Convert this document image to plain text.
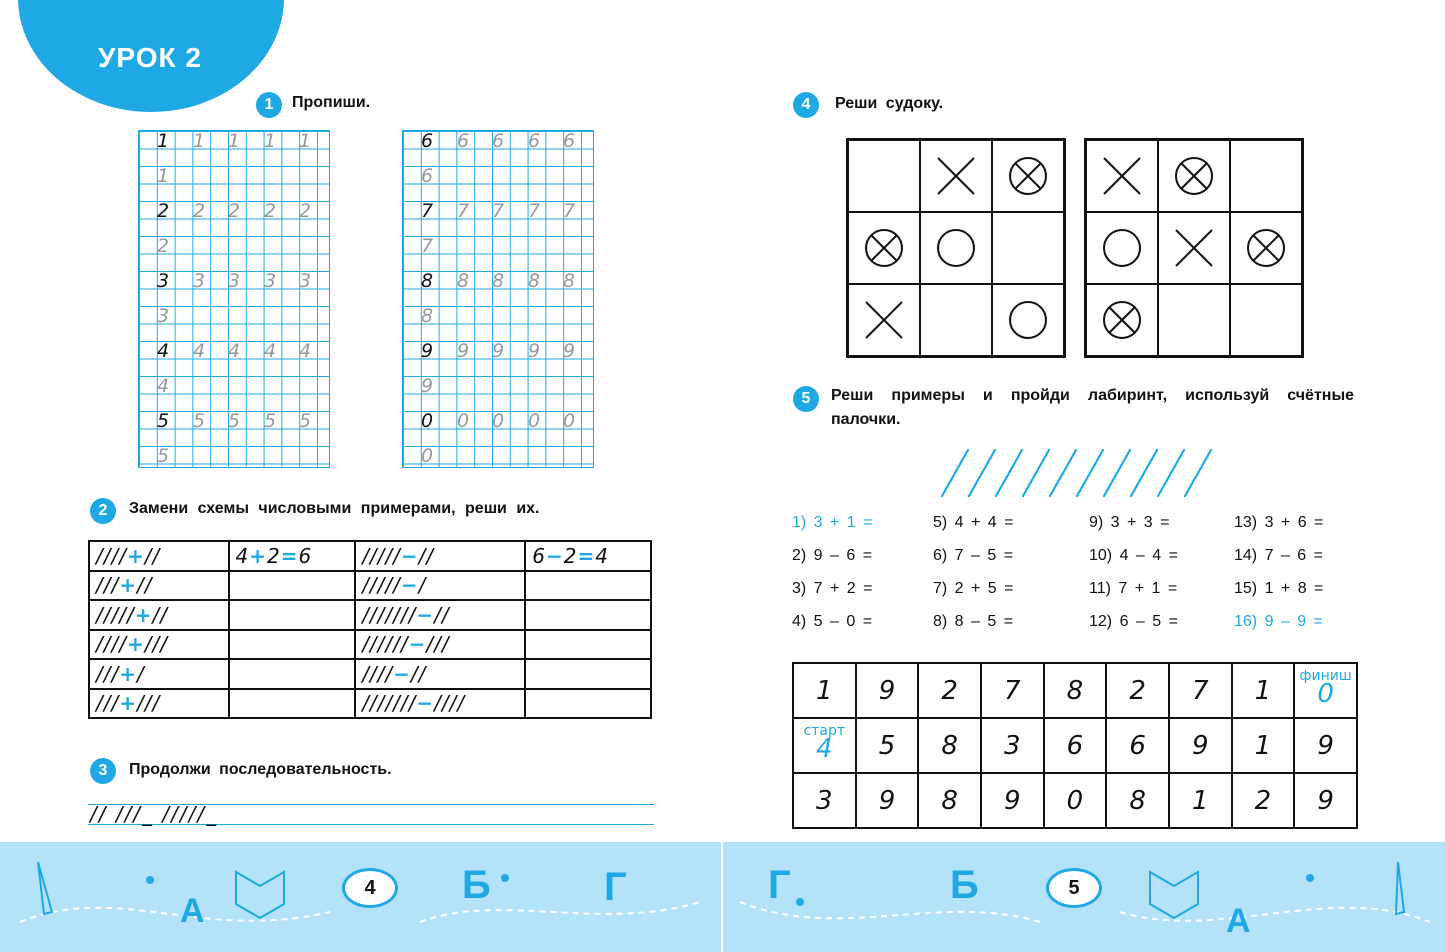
УРОК 2
1	Пропиши.
1 1 1 1 1
1
2 2 2 2 2
2
3 3 3 3 3
3
4 4 4 4 4
4
5 5 5 5 5
5
6 6 6 6 6
6
7 7 7 7 7
7
8 8 8 8 8
8
9 9 9 9 9
9
0 0 0 0 0
0
2	Замени схемы числовыми примерами, реши их.
////+//	4+2=6	/////−//	6−2=4
///+//		/////−/	
/////+//		///////−//	
////+///		//////−///	
///+/		////−//	
///+///		///////−////	
3	Продолжи последовательность.
// ///_ /////_
4	Реши судоку.
5	Реши примеры и пройди лабиринт, используй счётные палочки.
1) 3 + 1 =	5) 4 + 4 =	9) 3 + 3 =	13) 3 + 6 =
2) 9 – 6 =	6) 7 – 5 =	10) 4 – 4 =	14) 7 – 6 =
3) 7 + 2 =	7) 2 + 5 =	11) 7 + 1 =	15) 1 + 8 =
4) 5 – 0 =	8) 8 – 5 =	12) 6 – 5 =	16) 9 – 9 =
1	9	2	7	8	2	7	1	финиш
0

старт
4	5	8	3	6	6	9	1	9
3	9	8	9	0	8	1	2	9
А
Б	Г	Г	Б
А
4	5
